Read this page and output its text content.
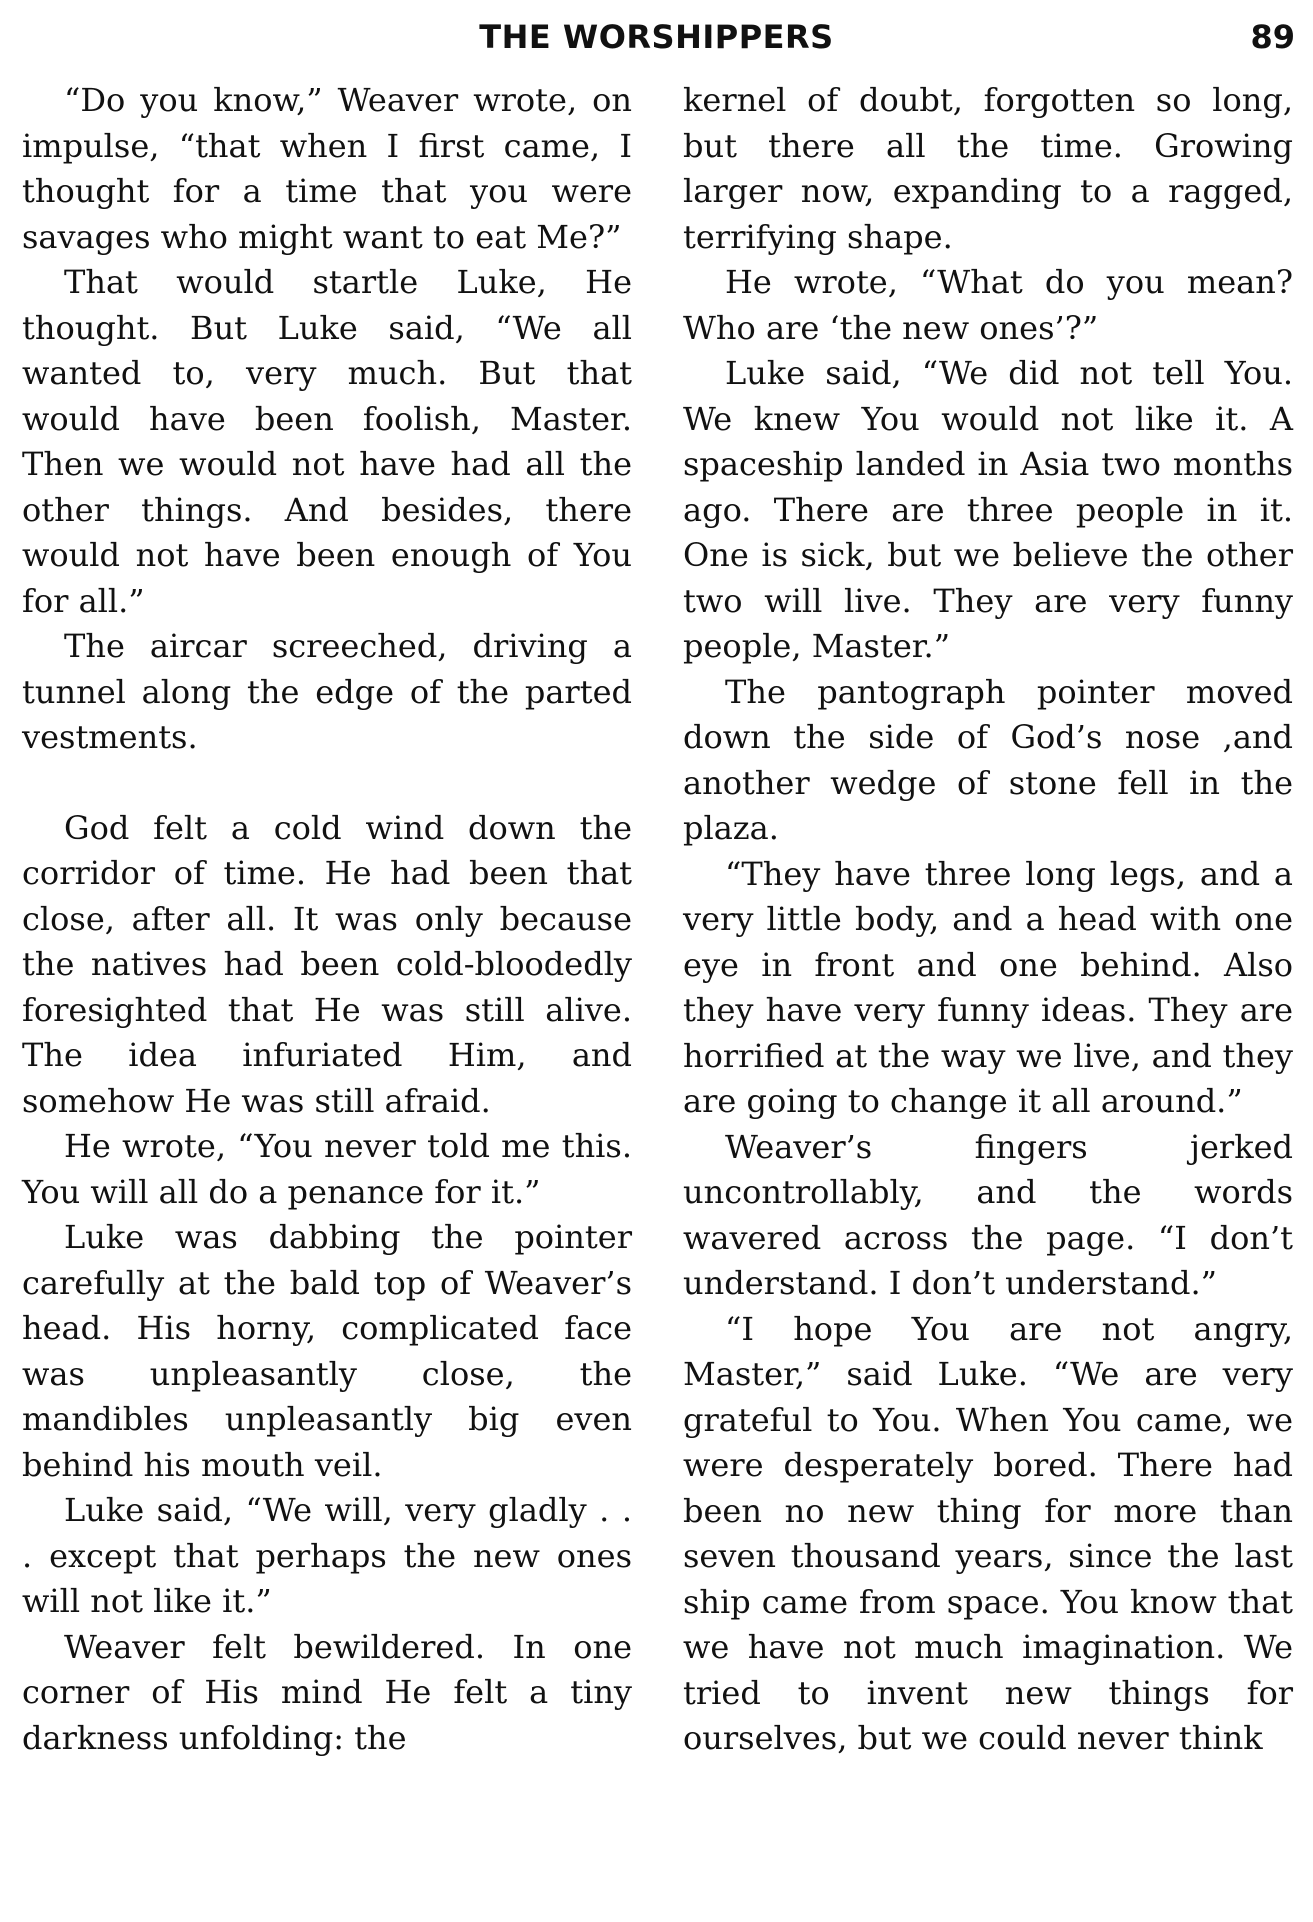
THE WORSHIPPERS	89

“Do you know,” Weaver wrote, on impulse, “that when I first came, I thought for a time that you were savages who might want to eat Me?”

That would startle Luke, He thought. But Luke said, “We all wanted to, very much. But that would have been foolish, Master. Then we would not have had all the other things. And besides, there would not have been enough of You for all.”

The aircar screeched, driving a tunnel along the edge of the parted vestments.

God felt a cold wind down the corridor of time. He had been that close, after all. It was only because the natives had been cold-bloodedly foresighted that He was still alive. The idea infuriated Him, and somehow He was still afraid.

He wrote, “You never told me this. You will all do a penance for it.”

Luke was dabbing the pointer carefully at the bald top of Weaver’s head. His horny, complicated face was unpleasantly close, the mandibles unpleasantly big even behind his mouth veil.

Luke said, “We will, very gladly . . . except that perhaps the new ones will not like it.”

Weaver felt bewildered. In one corner of His mind He felt a tiny darkness unfolding: the

kernel of doubt, forgotten so long, but there all the time. Growing larger now, expanding to a ragged, terrifying shape.

He wrote, “What do you mean? Who are ‘the new ones’?”

Luke said, “We did not tell You. We knew You would not like it. A spaceship landed in Asia two months ago. There are three people in it. One is sick, but we believe the other two will live. They are very funny people, Master.”

The pantograph pointer moved down the side of God’s nose ,and another wedge of stone fell in the plaza.

“They have three long legs, and a very little body, and a head with one eye in front and one behind. Also they have very funny ideas. They are horrified at the way we live, and they are going to change it all around.”

Weaver’s fingers jerked uncontrollably, and the words wavered across the page. “I don’t understand. I don’t understand.”

“I hope You are not angry, Master,” said Luke. “We are very grateful to You. When You came, we were desperately bored. There had been no new thing for more than seven thousand years, since the last ship came from space. You know that we have not much imagination. We tried to invent new things for ourselves, but we could never think
